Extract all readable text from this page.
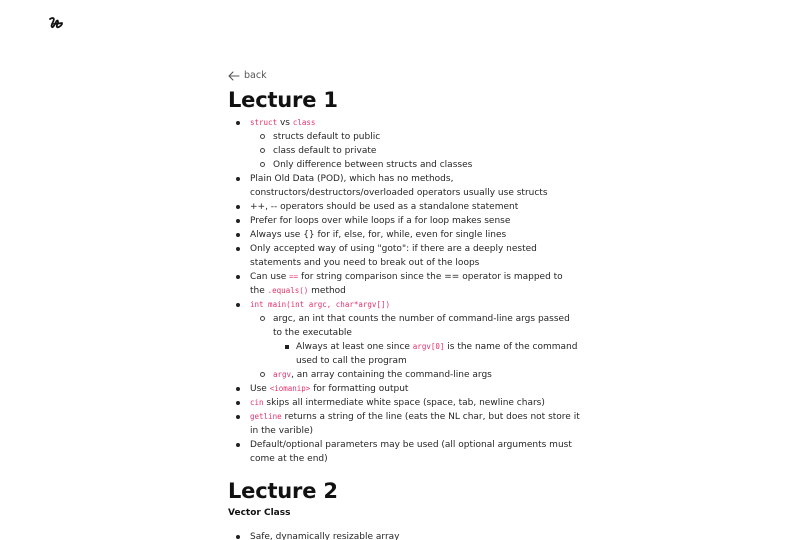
back
Lecture 1
struct vs class
structs default to public
class default to private
Only difference between structs and classes
Plain Old Data (POD), which has no methods, constructors/destructors/overloaded operators usually use structs
++, -- operators should be used as a standalone statement
Prefer for loops over while loops if a for loop makes sense
Always use {} for if, else, for, while, even for single lines
Only accepted way of using "goto": if there are a deeply nested statements and you need to break out of the loops
Can use == for string comparison since the == operator is mapped to the .equals() method
int main(int argc, char*argv[])
argc, an int that counts the number of command-line args passed to the executable
Always at least one since argv[0] is the name of the command used to call the program
argv, an array containing the command-line args
Use <iomanip> for formatting output
cin skips all intermediate white space (space, tab, newline chars)
getline returns a string of the line (eats the NL char, but does not store it in the varible)
Default/optional parameters may be used (all optional arguments must come at the end)
Lecture 2
Vector Class
Safe, dynamically resizable array
